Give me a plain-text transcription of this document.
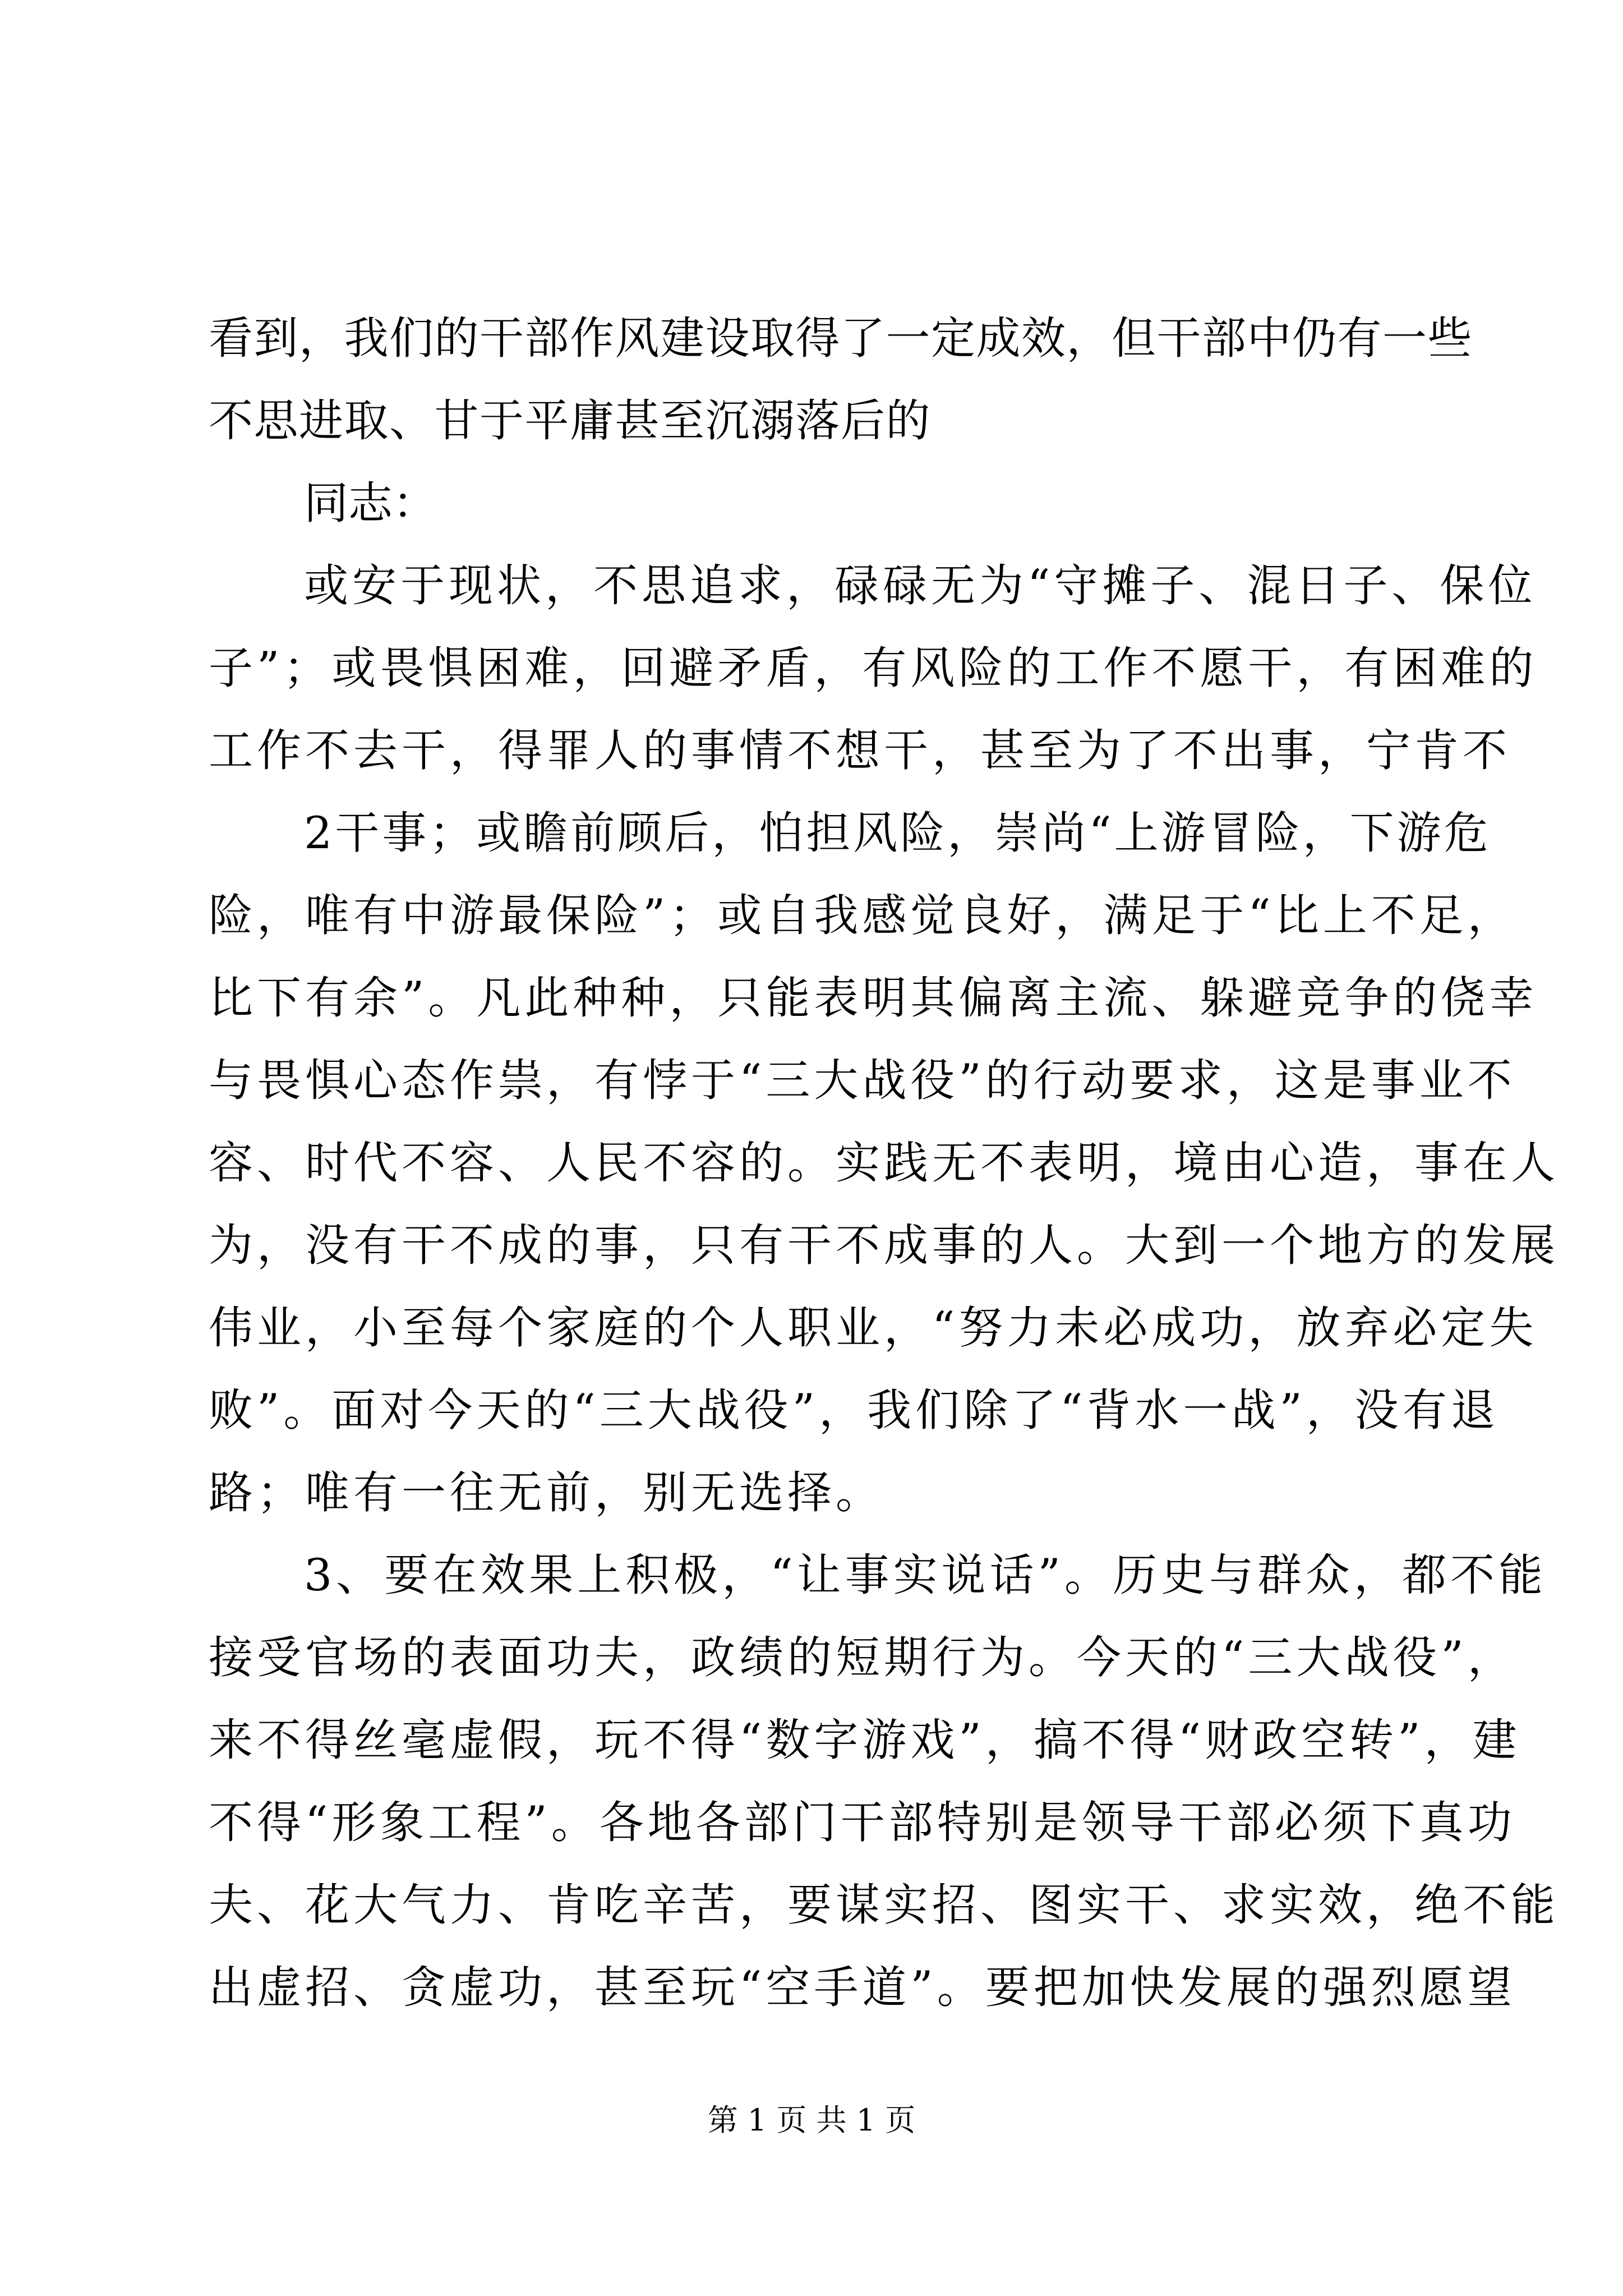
看到，我们的干部作风建设取得了一定成效，但干部中仍有一些
不思进取、甘于平庸甚至沉溺落后的
同志：
或安于现状，不思追求，碌碌无为“守摊子、混日子、保位
子”；或畏惧困难，回避矛盾，有风险的工作不愿干，有困难的
工作不去干，得罪人的事情不想干，甚至为了不出事，宁肯不
2干事；或瞻前顾后，怕担风险，崇尚“上游冒险，下游危
险，唯有中游最保险”；或自我感觉良好，满足于“比上不足，
比下有余”。凡此种种，只能表明其偏离主流、躲避竞争的侥幸
与畏惧心态作祟，有悖于“三大战役”的行动要求，这是事业不
容、时代不容、人民不容的。实践无不表明，境由心造，事在人
为，没有干不成的事，只有干不成事的人。大到一个地方的发展
伟业，小至每个家庭的个人职业，“努力未必成功，放弃必定失
败”。面对今天的“三大战役”，我们除了“背水一战”，没有退
路；唯有一往无前，别无选择。
3、要在效果上积极，“让事实说话”。历史与群众，都不能
接受官场的表面功夫，政绩的短期行为。今天的“三大战役”，
来不得丝毫虚假，玩不得“数字游戏”，搞不得“财政空转”，建
不得“形象工程”。各地各部门干部特别是领导干部必须下真功
夫、花大气力、肯吃辛苦，要谋实招、图实干、求实效，绝不能
出虚招、贪虚功，甚至玩“空手道”。要把加快发展的强烈愿望
第 1 页 共 1 页
